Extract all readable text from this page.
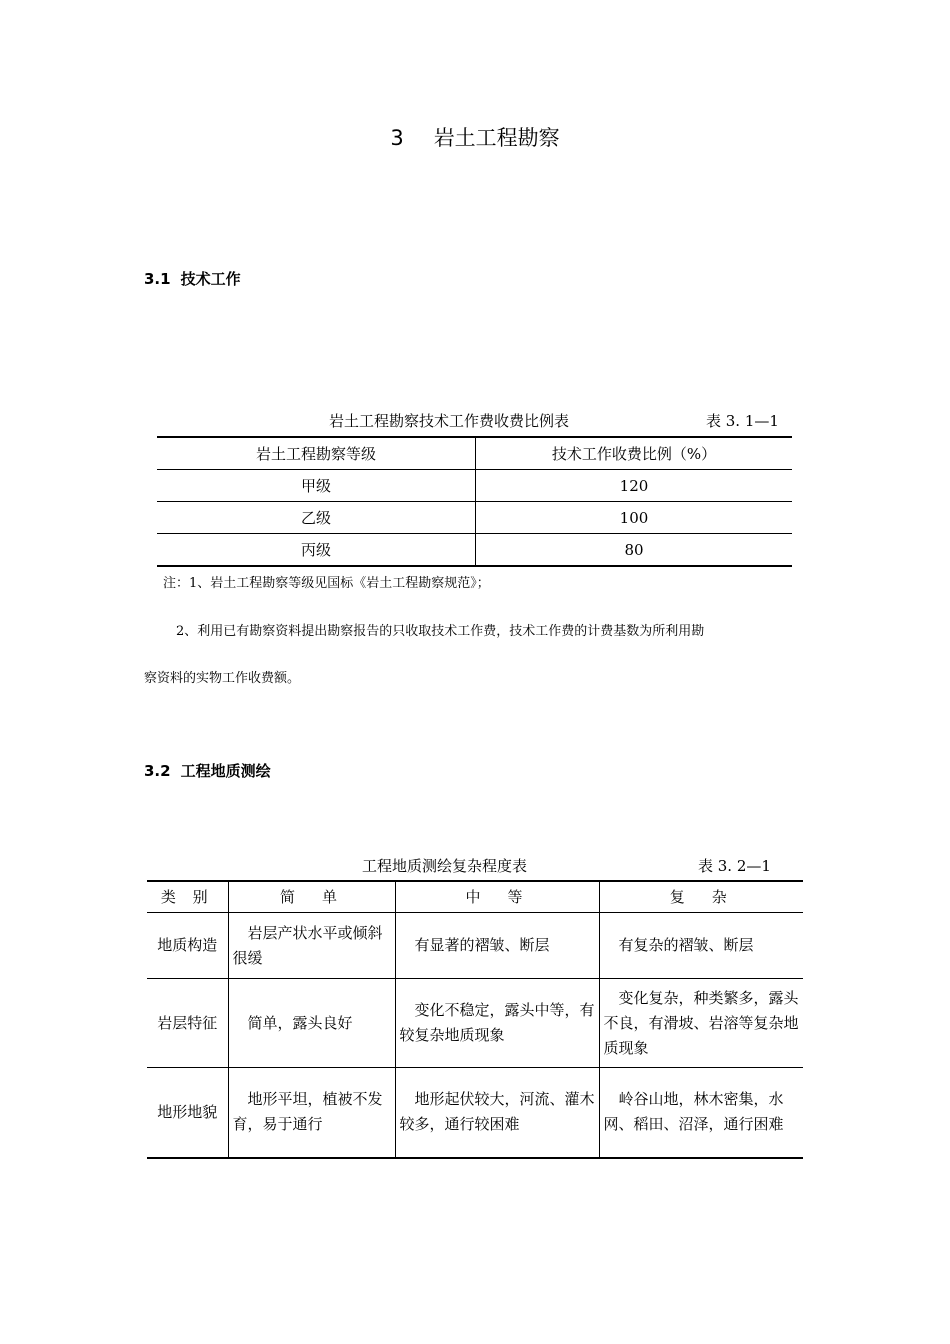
3 岩土工程勘察
3.1 技术工作
岩土工程勘察技术工作费收费比例表	表 3. 1—1
岩土工程勘察等级	技术工作收费比例（%）
甲级	120
乙级	100
丙级	80
注：1、岩土工程勘察等级见国标《岩土工程勘察规范》；
2、利用已有勘察资料提出勘察报告的只收取技术工作费，技术工作费的计费基数为所利用勘
察资料的实物工作收费额。
3.2 工程地质测绘
工程地质测绘复杂程度表	表 3. 2—1
类 别	简　单	中　等	复　杂
地质构造	岩层产状水平或倾斜很缓	有显著的褶皱、断层	有复杂的褶皱、断层
岩层特征	简单，露头良好	变化不稳定，露头中等，有较复杂地质现象	变化复杂，种类繁多，露头不良，有滑坡、岩溶等复杂地质现象
地形地貌	地形平坦，植被不发育，易于通行	地形起伏较大，河流、灌木较多，通行较困难	岭谷山地，林木密集，水网、稻田、沼泽，通行困难
